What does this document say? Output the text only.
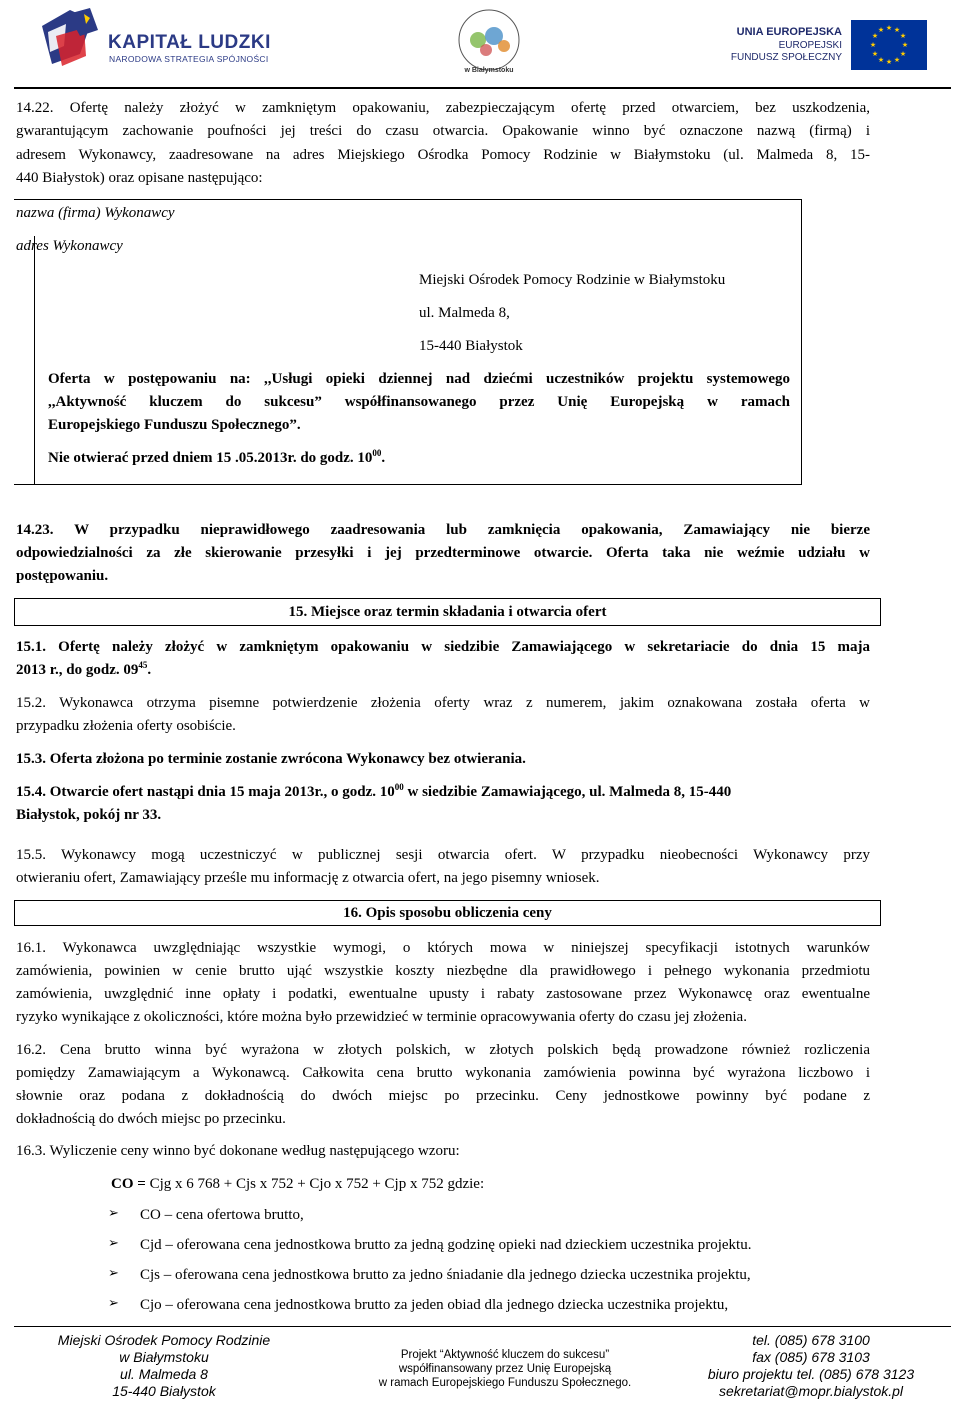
KAPITAŁ LUDZKI
NARODOWA STRATEGIA SPÓJNOŚCI
w Białymstoku
UNIA EUROPEJSKA
EUROPEJSKI
FUNDUSZ SPOŁECZNY
★ ★
★
★
★
★
★
★
★
★
★
★
14.22. Ofertę należy złożyć w zamkniętym opakowaniu, zabezpieczającym ofertę przed otwarciem, bez uszkodzenia,
gwarantującym zachowanie poufności jej treści do czasu otwarcia. Opakowanie winno być oznaczone nazwą (firmą) i
adresem Wykonawcy, zaadresowane na adres Miejskiego Ośrodka Pomocy Rodzinie w Białymstoku (ul. Malmeda 8, 15-
440 Białystok) oraz opisane następująco:
nazwa (firma) Wykonawcy
adres Wykonawcy
Miejski Ośrodek Pomocy Rodzinie w Białymstoku
ul. Malmeda 8,
15-440 Białystok
Oferta w postępowaniu na: ,,Usługi opieki dziennej nad dziećmi uczestników projektu systemowego
,,Aktywność kluczem do sukcesu” współfinansowanego przez Unię Europejską w ramach
Europejskiego Funduszu Społecznego”.
Nie otwierać przed dniem 15 .05.2013r. do godz. $10^{00}$.
14.23. W przypadku nieprawidłowego zaadresowania lub zamknięcia opakowania, Zamawiający nie bierze
odpowiedzialności za złe skierowanie przesyłki i jej przedterminowe otwarcie. Oferta taka nie weźmie udziału w
postępowaniu.
15. Miejsce oraz termin składania i otwarcia ofert
15.1. Ofertę należy złożyć w zamkniętym opakowaniu w siedzibie Zamawiającego w sekretariacie do dnia 15 maja
2013 r., do godz. $09^{45}$.
15.2. Wykonawca otrzyma pisemne potwierdzenie złożenia oferty wraz z numerem, jakim oznakowana została oferta w
przypadku złożenia oferty osobiście.
15.3. Oferta złożona po terminie zostanie zwrócona Wykonawcy bez otwierania.
15.4. Otwarcie ofert nastąpi dnia 15 maja 2013r., o godz. $10^{00}$ w siedzibie Zamawiającego, ul. Malmeda 8, 15-440
Białystok, pokój nr 33.
15.5. Wykonawcy mogą uczestniczyć w publicznej sesji otwarcia ofert. W przypadku nieobecności Wykonawcy przy
otwieraniu ofert, Zamawiający prześle mu informację z otwarcia ofert, na jego pisemny wniosek.
16. Opis sposobu obliczenia ceny
16.1. Wykonawca uwzględniając wszystkie wymogi, o których mowa w niniejszej specyfikacji istotnych warunków
zamówienia, powinien w cenie brutto ująć wszystkie koszty niezbędne dla prawidłowego i pełnego wykonania przedmiotu
zamówienia, uwzględnić inne opłaty i podatki, ewentualne upusty i rabaty zastosowane przez Wykonawcę oraz ewentualne
ryzyko wynikające z okoliczności, które można było przewidzieć w terminie opracowywania oferty do czasu jej złożenia.
16.2. Cena brutto winna być wyrażona w złotych polskich, w złotych polskich będą prowadzone również rozliczenia
pomiędzy Zamawiającym a Wykonawcą. Całkowita cena brutto wykonania zamówienia powinna być wyrażona liczbowo i
słownie oraz podana z dokładnością do dwóch miejsc po przecinku. Ceny jednostkowe powinny być podane z
dokładnością do dwóch miejsc po przecinku.
16.3. Wyliczenie ceny winno być dokonane według następującego wzoru:
CO = Cjg x 6 768 + Cjs x 752 + Cjo x 752 + Cjp x 752 gdzie:
➢ CO – cena ofertowa brutto,
➢ Cjd – oferowana cena jednostkowa brutto za jedną godzinę opieki nad dzieckiem uczestnika projektu.
➢ Cjs – oferowana cena jednostkowa brutto za jedno śniadanie dla jednego dziecka uczestnika projektu,
➢ Cjo – oferowana cena jednostkowa brutto za jeden obiad dla jednego dziecka uczestnika projektu,
Miejski Ośrodek Pomocy Rodzinie
w Białymstoku
ul. Malmeda 8
15-440 Białystok
Projekt “Aktywność kluczem do sukcesu”
współfinansowany przez Unię Europejską
w ramach Europejskiego Funduszu Społecznego.
tel. (085) 678 3100
fax (085) 678 3103
biuro projektu tel. (085) 678 3123
sekretariat@mopr.bialystok.pl
